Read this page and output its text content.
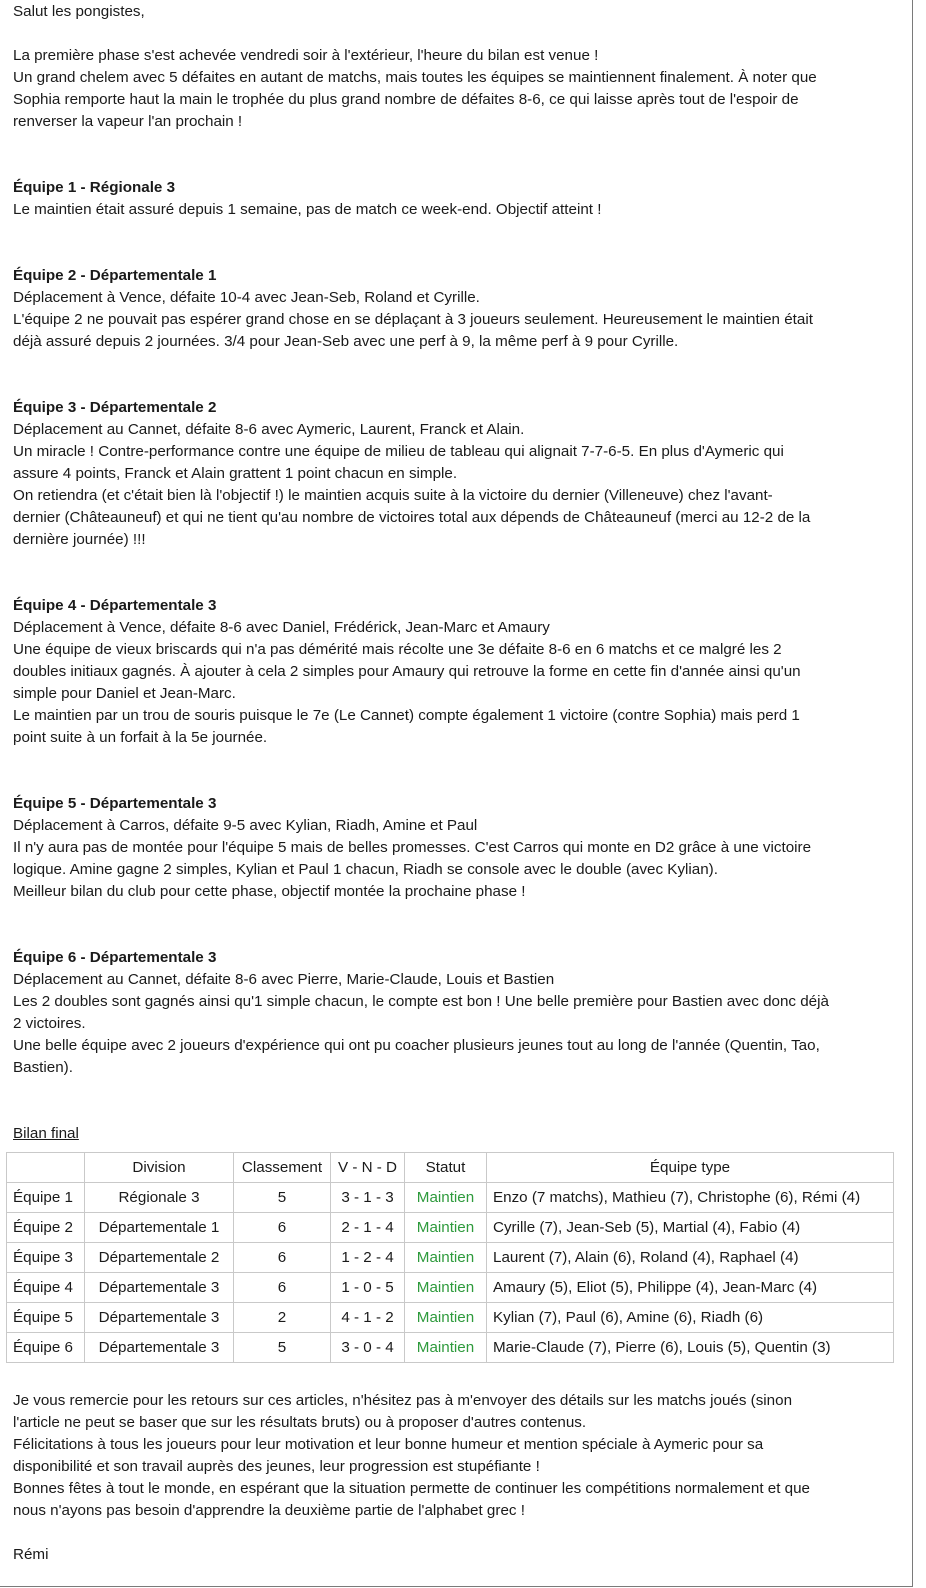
Salut les pongistes,

La première phase s'est achevée vendredi soir à l'extérieur, l'heure du bilan est venue !

Un grand chelem avec 5 défaites en autant de matchs, mais toutes les équipes se maintiennent finalement. À noter que

Sophia remporte haut la main le trophée du plus grand nombre de défaites 8-6, ce qui laisse après tout de l'espoir de

renverser la vapeur l'an prochain !

Équipe 1 - Régionale 3

Le maintien était assuré depuis 1 semaine, pas de match ce week-end. Objectif atteint !

Équipe 2 - Départementale 1

Déplacement à Vence, défaite 10-4 avec Jean-Seb, Roland et Cyrille.

L'équipe 2 ne pouvait pas espérer grand chose en se déplaçant à 3 joueurs seulement. Heureusement le maintien était

déjà assuré depuis 2 journées. 3/4 pour Jean-Seb avec une perf à 9, la même perf à 9 pour Cyrille.

Équipe 3 - Départementale 2

Déplacement au Cannet, défaite 8-6 avec Aymeric, Laurent, Franck et Alain.

Un miracle ! Contre-performance contre une équipe de milieu de tableau qui alignait 7-7-6-5. En plus d'Aymeric qui

assure 4 points, Franck et Alain grattent 1 point chacun en simple.

On retiendra (et c'était bien là l'objectif !) le maintien acquis suite à la victoire du dernier (Villeneuve) chez l'avant-

dernier (Châteauneuf) et qui ne tient qu'au nombre de victoires total aux dépends de Châteauneuf (merci au 12-2 de la

dernière journée) !!!

Équipe 4 - Départementale 3

Déplacement à Vence, défaite 8-6 avec Daniel, Frédérick, Jean-Marc et Amaury

Une équipe de vieux briscards qui n'a pas démérité mais récolte une 3e défaite 8-6 en 6 matchs et ce malgré les 2

doubles initiaux gagnés. À ajouter à cela 2 simples pour Amaury qui retrouve la forme en cette fin d'année ainsi qu'un

simple pour Daniel et Jean-Marc.

Le maintien par un trou de souris puisque le 7e (Le Cannet) compte également 1 victoire (contre Sophia) mais perd 1

point suite à un forfait à la 5e journée.

Équipe 5 - Départementale 3

Déplacement à Carros, défaite 9-5 avec Kylian, Riadh, Amine et Paul

Il n'y aura pas de montée pour l'équipe 5 mais de belles promesses. C'est Carros qui monte en D2 grâce à une victoire

logique. Amine gagne 2 simples, Kylian et Paul 1 chacun, Riadh se console avec le double (avec Kylian).

Meilleur bilan du club pour cette phase, objectif montée la prochaine phase !

Équipe 6 - Départementale 3

Déplacement au Cannet, défaite 8-6 avec Pierre, Marie-Claude, Louis et Bastien

Les 2 doubles sont gagnés ainsi qu'1 simple chacun, le compte est bon ! Une belle première pour Bastien avec donc déjà

2 victoires.

Une belle équipe avec 2 joueurs d'expérience qui ont pu coacher plusieurs jeunes tout au long de l'année (Quentin, Tao,

Bastien).

Bilan final

	Division	Classement	V - N - D	Statut	Équipe type
Équipe 1	Régionale 3	5	3 - 1 - 3	Maintien	Enzo (7 matchs), Mathieu (7), Christophe (6), Rémi (4)
Équipe 2	Départementale 1	6	2 - 1 - 4	Maintien	Cyrille (7), Jean-Seb (5), Martial (4), Fabio (4)
Équipe 3	Départementale 2	6	1 - 2 - 4	Maintien	Laurent (7), Alain (6), Roland (4), Raphael (4)
Équipe 4	Départementale 3	6	1 - 0 - 5	Maintien	Amaury (5), Eliot (5), Philippe (4), Jean-Marc (4)
Équipe 5	Départementale 3	2	4 - 1 - 2	Maintien	Kylian (7), Paul (6), Amine (6), Riadh (6)
Équipe 6	Départementale 3	5	3 - 0 - 4	Maintien	Marie-Claude (7), Pierre (6), Louis (5), Quentin (3)

Je vous remercie pour les retours sur ces articles, n'hésitez pas à m'envoyer des détails sur les matchs joués (sinon

l'article ne peut se baser que sur les résultats bruts) ou à proposer d'autres contenus.

Félicitations à tous les joueurs pour leur motivation et leur bonne humeur et mention spéciale à Aymeric pour sa

disponibilité et son travail auprès des jeunes, leur progression est stupéfiante !

Bonnes fêtes à tout le monde, en espérant que la situation permette de continuer les compétitions normalement et que

nous n'ayons pas besoin d'apprendre la deuxième partie de l'alphabet grec !

Rémi
